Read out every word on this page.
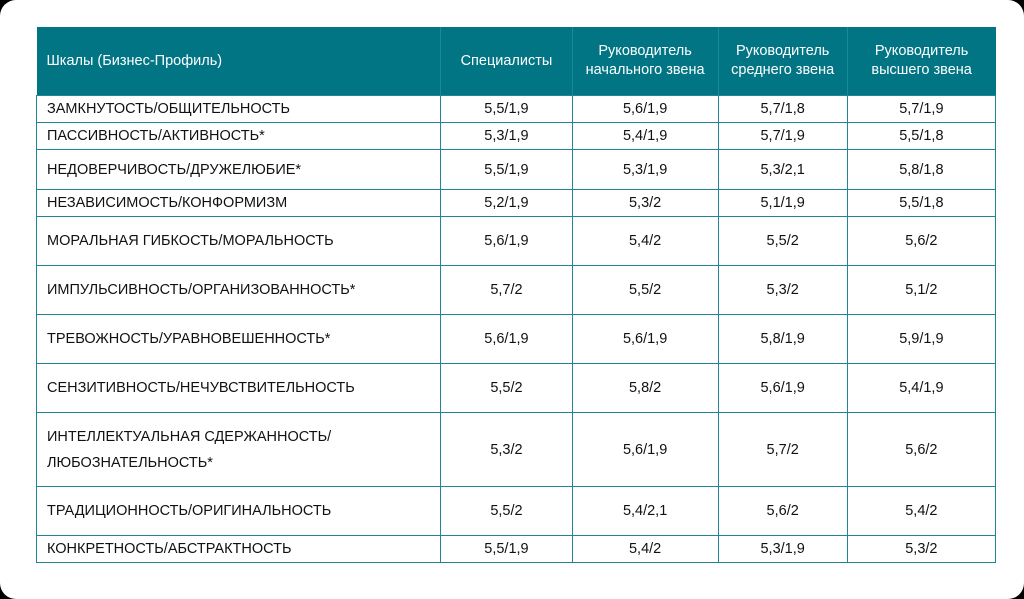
Шкалы (Бизнес-Профиль)	Специалисты	Руководитель начального звена	Руководитель среднего звена	Руководитель высшего звена
ЗАМКНУТОСТЬ/ОБЩИТЕЛЬНОСТЬ	5,5/1,9	5,6/1,9	5,7/1,8	5,7/1,9
ПАССИВНОСТЬ/АКТИВНОСТЬ*	5,3/1,9	5,4/1,9	5,7/1,9	5,5/1,8
НЕДОВЕРЧИВОСТЬ/ДРУЖЕЛЮБИЕ*	5,5/1,9	5,3/1,9	5,3/2,1	5,8/1,8
НЕЗАВИСИМОСТЬ/КОНФОРМИЗМ	5,2/1,9	5,3/2	5,1/1,9	5,5/1,8
МОРАЛЬНАЯ ГИБКОСТЬ/МОРАЛЬНОСТЬ	5,6/1,9	5,4/2	5,5/2	5,6/2
ИМПУЛЬСИВНОСТЬ/ОРГАНИЗОВАННОСТЬ*	5,7/2	5,5/2	5,3/2	5,1/2
ТРЕВОЖНОСТЬ/УРАВНОВЕШЕННОСТЬ*	5,6/1,9	5,6/1,9	5,8/1,9	5,9/1,9
СЕНЗИТИВНОСТЬ/НЕЧУВСТВИТЕЛЬНОСТЬ	5,5/2	5,8/2	5,6/1,9	5,4/1,9
ИНТЕЛЛЕКТУАЛЬНАЯ СДЕРЖАННОСТЬ/ЛЮБОЗНАТЕЛЬНОСТЬ*	5,3/2	5,6/1,9	5,7/2	5,6/2
ТРАДИЦИОННОСТЬ/ОРИГИНАЛЬНОСТЬ	5,5/2	5,4/2,1	5,6/2	5,4/2
КОНКРЕТНОСТЬ/АБСТРАКТНОСТЬ	5,5/1,9	5,4/2	5,3/1,9	5,3/2
